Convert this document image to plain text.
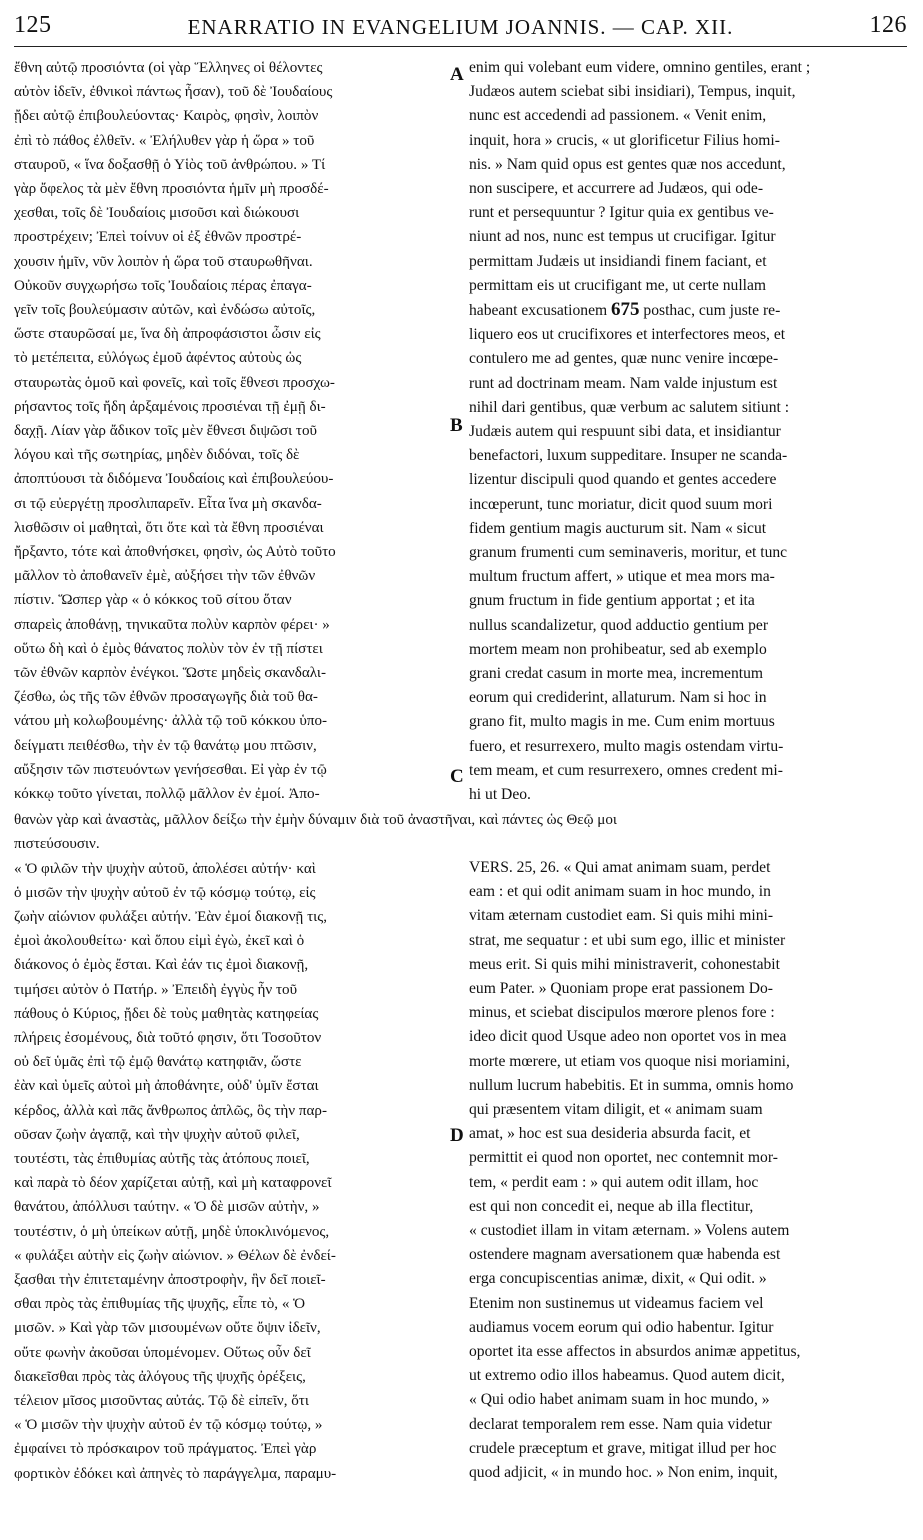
125	ENARRATIO IN EVANGELIUM JOANNIS. — CAP. XII.	126
ἔθνη αὐτῷ προσιόντα (οἱ γὰρ Ἕλληνες οἱ θέλοντες
αὐτὸν ἰδεῖν, ἐθνικοὶ πάντως ἦσαν), τοῦ δὲ Ἰουδαίους
ᾔδει αὐτῷ ἐπιβουλεύοντας· Καιρὸς, φησὶν, λοιπὸν
ἐπὶ τὸ πάθος ἐλθεῖν. « Ἐλήλυθεν γὰρ ἡ ὥρα » τοῦ
σταυροῦ, « ἵνα δοξασθῇ ὁ Υἱὸς τοῦ ἀνθρώπου. » Τί
γὰρ ὄφελος τὰ μὲν ἔθνη προσιόντα ἡμῖν μὴ προσδέ-
χεσθαι, τοῖς δὲ Ἰουδαίοις μισοῦσι καὶ διώκουσι
προστρέχειν; Ἐπεὶ τοίνυν οἱ ἐξ ἐθνῶν προστρέ-
χουσιν ἡμῖν, νῦν λοιπὸν ἡ ὥρα τοῦ σταυρωθῆναι.
Οὐκοῦν συγχωρήσω τοῖς Ἰουδαίοις πέρας ἐπαγα-
γεῖν τοῖς βουλεύμασιν αὐτῶν, καὶ ἐνδώσω αὐτοῖς,
ὥστε σταυρῶσαί με, ἵνα δὴ ἀπροφάσιστοι ὦσιν εἰς
τὸ μετέπειτα, εὐλόγως ἐμοῦ ἀφέντος αὐτοὺς ὡς
σταυρωτὰς ὁμοῦ καὶ φονεῖς, καὶ τοῖς ἔθνεσι προσχω-
ρήσαντος τοῖς ἤδη ἀρξαμένοις προσιέναι τῇ ἐμῇ δι-
δαχῇ. Λίαν γὰρ ἄδικον τοῖς μὲν ἔθνεσι διψῶσι τοῦ
λόγου καὶ τῆς σωτηρίας, μηδὲν διδόναι, τοῖς δὲ
ἀποπτύουσι τὰ διδόμενα Ἰουδαίοις καὶ ἐπιβουλεύου-
σι τῷ εὐεργέτῃ προσλιπαρεῖν. Εἶτα ἵνα μὴ σκανδα-
λισθῶσιν οἱ μαθηταὶ, ὅτι ὅτε καὶ τὰ ἔθνη προσιέναι
ἤρξαντο, τότε καὶ ἀποθνήσκει, φησὶν, ὡς Αὐτὸ τοῦτο
μᾶλλον τὸ ἀποθανεῖν ἐμὲ, αὐξήσει τὴν τῶν ἐθνῶν
πίστιν. Ὥσπερ γὰρ « ὁ κόκκος τοῦ σίτου ὅταν
σπαρεὶς ἀποθάνῃ, τηνικαῦτα πολὺν καρπὸν φέρει· »
οὕτω δὴ καὶ ὁ ἐμὸς θάνατος πολὺν τὸν ἐν τῇ πίστει
τῶν ἐθνῶν καρπὸν ἐνέγκοι. Ὥστε μηδεὶς σκανδαλι-
ζέσθω, ὡς τῆς τῶν ἐθνῶν προσαγωγῆς διὰ τοῦ θα-
νάτου μὴ κολωβουμένης· ἀλλὰ τῷ τοῦ κόκκου ὑπο-
δείγματι πειθέσθω, τὴν ἐν τῷ θανάτῳ μου πτῶσιν,
αὔξησιν τῶν πιστευόντων γενήσεσθαι. Εἰ γὰρ ἐν τῷ
κόκκῳ τοῦτο γίνεται, πολλῷ μᾶλλον ἐν ἐμοί. Ἀπο-
πιστεύσουσιν.
« Ὁ φιλῶν τὴν ψυχὴν αὐτοῦ, ἀπολέσει αὐτήν· καὶ
ὁ μισῶν τὴν ψυχὴν αὐτοῦ ἐν τῷ κόσμῳ τούτῳ, εἰς
ζωὴν αἰώνιον φυλάξει αὐτήν. Ἐὰν ἐμοί διακονῇ τις,
ἐμοὶ ἀκολουθείτω· καὶ ὅπου εἰμὶ ἐγὼ, ἐκεῖ καὶ ὁ
διάκονος ὁ ἐμὸς ἔσται. Καὶ ἐάν τις ἐμοὶ διακονῇ,
τιμήσει αὐτὸν ὁ Πατήρ. » Ἐπειδὴ ἐγγὺς ἦν τοῦ
πάθους ὁ Κύριος, ᾔδει δὲ τοὺς μαθητὰς κατηφείας
πλήρεις ἐσομένους, διὰ τοῦτό φησιν, ὅτι Τοσοῦτον
οὐ δεῖ ὑμᾶς ἐπὶ τῷ ἐμῷ θανάτῳ κατηφιᾶν, ὥστε
ἐὰν καὶ ὑμεῖς αὐτοὶ μὴ ἀποθάνητε, οὐδ' ὑμῖν ἔσται
κέρδος, ἀλλὰ καὶ πᾶς ἄνθρωπος ἁπλῶς, ὃς τὴν παρ-
οῦσαν ζωὴν ἀγαπᾷ, καὶ τὴν ψυχὴν αὐτοῦ φιλεῖ,
τουτέστι, τὰς ἐπιθυμίας αὐτῆς τὰς ἀτόπους ποιεῖ,
καὶ παρὰ τὸ δέον χαρίζεται αὐτῇ, καὶ μὴ καταφρονεῖ
θανάτου, ἀπόλλυσι ταύτην. « Ὁ δὲ μισῶν αὐτὴν, »
τουτέστιν, ὁ μὴ ὑπείκων αὐτῇ, μηδὲ ὑποκλινόμενος,
« φυλάξει αὐτὴν εἰς ζωὴν αἰώνιον. » Θέλων δὲ ἐνδεί-
ξασθαι τὴν ἐπιτεταμένην ἀποστροφὴν, ἣν δεῖ ποιεῖ-
σθαι πρὸς τὰς ἐπιθυμίας τῆς ψυχῆς, εἶπε τὸ, « Ὁ
μισῶν. » Καὶ γὰρ τῶν μισουμένων οὔτε ὄψιν ἰδεῖν,
οὔτε φωνὴν ἀκοῦσαι ὑπομένομεν. Οὕτως οὖν δεῖ
διακεῖσθαι πρὸς τὰς ἀλόγους τῆς ψυχῆς ὀρέξεις,
τέλειον μῖσος μισοῦντας αὐτάς. Τῷ δὲ εἰπεῖν, ὅτι
« Ὁ μισῶν τὴν ψυχὴν αὐτοῦ ἐν τῷ κόσμῳ τούτῳ, »
ἐμφαίνει τὸ πρόσκαιρον τοῦ πράγματος. Ἐπεὶ γὰρ
φορτικὸν ἐδόκει καὶ ἀπηνὲς τὸ παράγγελμα, παραμυ-
enim qui volebant eum videre, omnino gentiles, erant ;
Judæos autem sciebat sibi insidiari), Tempus, inquit,
nunc est accedendi ad passionem. « Venit enim,
inquit, hora » crucis, « ut glorificetur Filius homi-
nis. » Nam quid opus est gentes quæ nos accedunt,
non suscipere, et accurrere ad Judæos, qui ode-
runt et persequuntur ? Igitur quia ex gentibus ve-
niunt ad nos, nunc est tempus ut crucifigar. Igitur
permittam Judæis ut insidiandi finem faciant, et
permittam eis ut crucifigant me, ut certe nullam
habeant excusationem 675 posthac, cum juste re-
liquero eos ut crucifixores et interfectores meos, et
contulero me ad gentes, quæ nunc venire incœpe-
runt ad doctrinam meam. Nam valde injustum est
nihil dari gentibus, quæ verbum ac salutem sitiunt :
Judæis autem qui respuunt sibi data, et insidiantur
benefactori, luxum suppeditare. Insuper ne scanda-
lizentur discipuli quod quando et gentes accedere
incœperunt, tunc moriatur, dicit quod suum mori
fidem gentium magis aucturum sit. Nam « sicut
granum frumenti cum seminaveris, moritur, et tunc
multum fructum affert, » utique et mea mors ma-
gnum fructum in fide gentium apportat ; et ita
nullus scandalizetur, quod adductio gentium per
mortem meam non prohibeatur, sed ab exemplo
grani credat casum in morte mea, incrementum
eorum qui crediderint, allaturum. Nam si hoc in
grano fit, multo magis in me. Cum enim mortuus
fuero, et resurrexero, multo magis ostendam virtu-
tem meam, et cum resurrexero, omnes credent mi-
hi ut Deo.
VERS. 25, 26. « Qui amat animam suam, perdet
eam : et qui odit animam suam in hoc mundo, in
vitam æternam custodiet eam. Si quis mihi mini-
strat, me sequatur : et ubi sum ego, illic et minister
meus erit. Si quis mihi ministraverit, cohonestabit
eum Pater. » Quoniam prope erat passionem Do-
minus, et sciebat discipulos mœrore plenos fore :
ideo dicit quod Usque adeo non oportet vos in mea
morte mœrere, ut etiam vos quoque nisi moriamini,
nullum lucrum habebitis. Et in summa, omnis homo
qui præsentem vitam diligit, et « animam suam
amat, » hoc est sua desideria absurda facit, et
permittit ei quod non oportet, nec contemnit mor-
tem, « perdit eam : » qui autem odit illam, hoc
est qui non concedit ei, neque ab illa flectitur,
« custodiet illam in vitam æternam. » Volens autem
ostendere magnam aversationem quæ habenda est
erga concupiscentias animæ, dixit, « Qui odit. »
Etenim non sustinemus ut videamus faciem vel
audiamus vocem eorum qui odio habentur. Igitur
oportet ita esse affectos in absurdos animæ appetitus,
ut extremo odio illos habeamus. Quod autem dicit,
« Qui odio habet animam suam in hoc mundo, »
declarat temporalem rem esse. Nam quia videtur
crudele præceptum et grave, mitigat illud per hoc
quod adjicit, « in mundo hoc. » Non enim, inquit,
θανὼν γὰρ καὶ ἀναστὰς, μᾶλλον δείξω τὴν ἐμὴν δύναμιν διὰ τοῦ ἀναστῆναι, καὶ πάντες ὡς Θεῷ μοι
A
B
C
D
